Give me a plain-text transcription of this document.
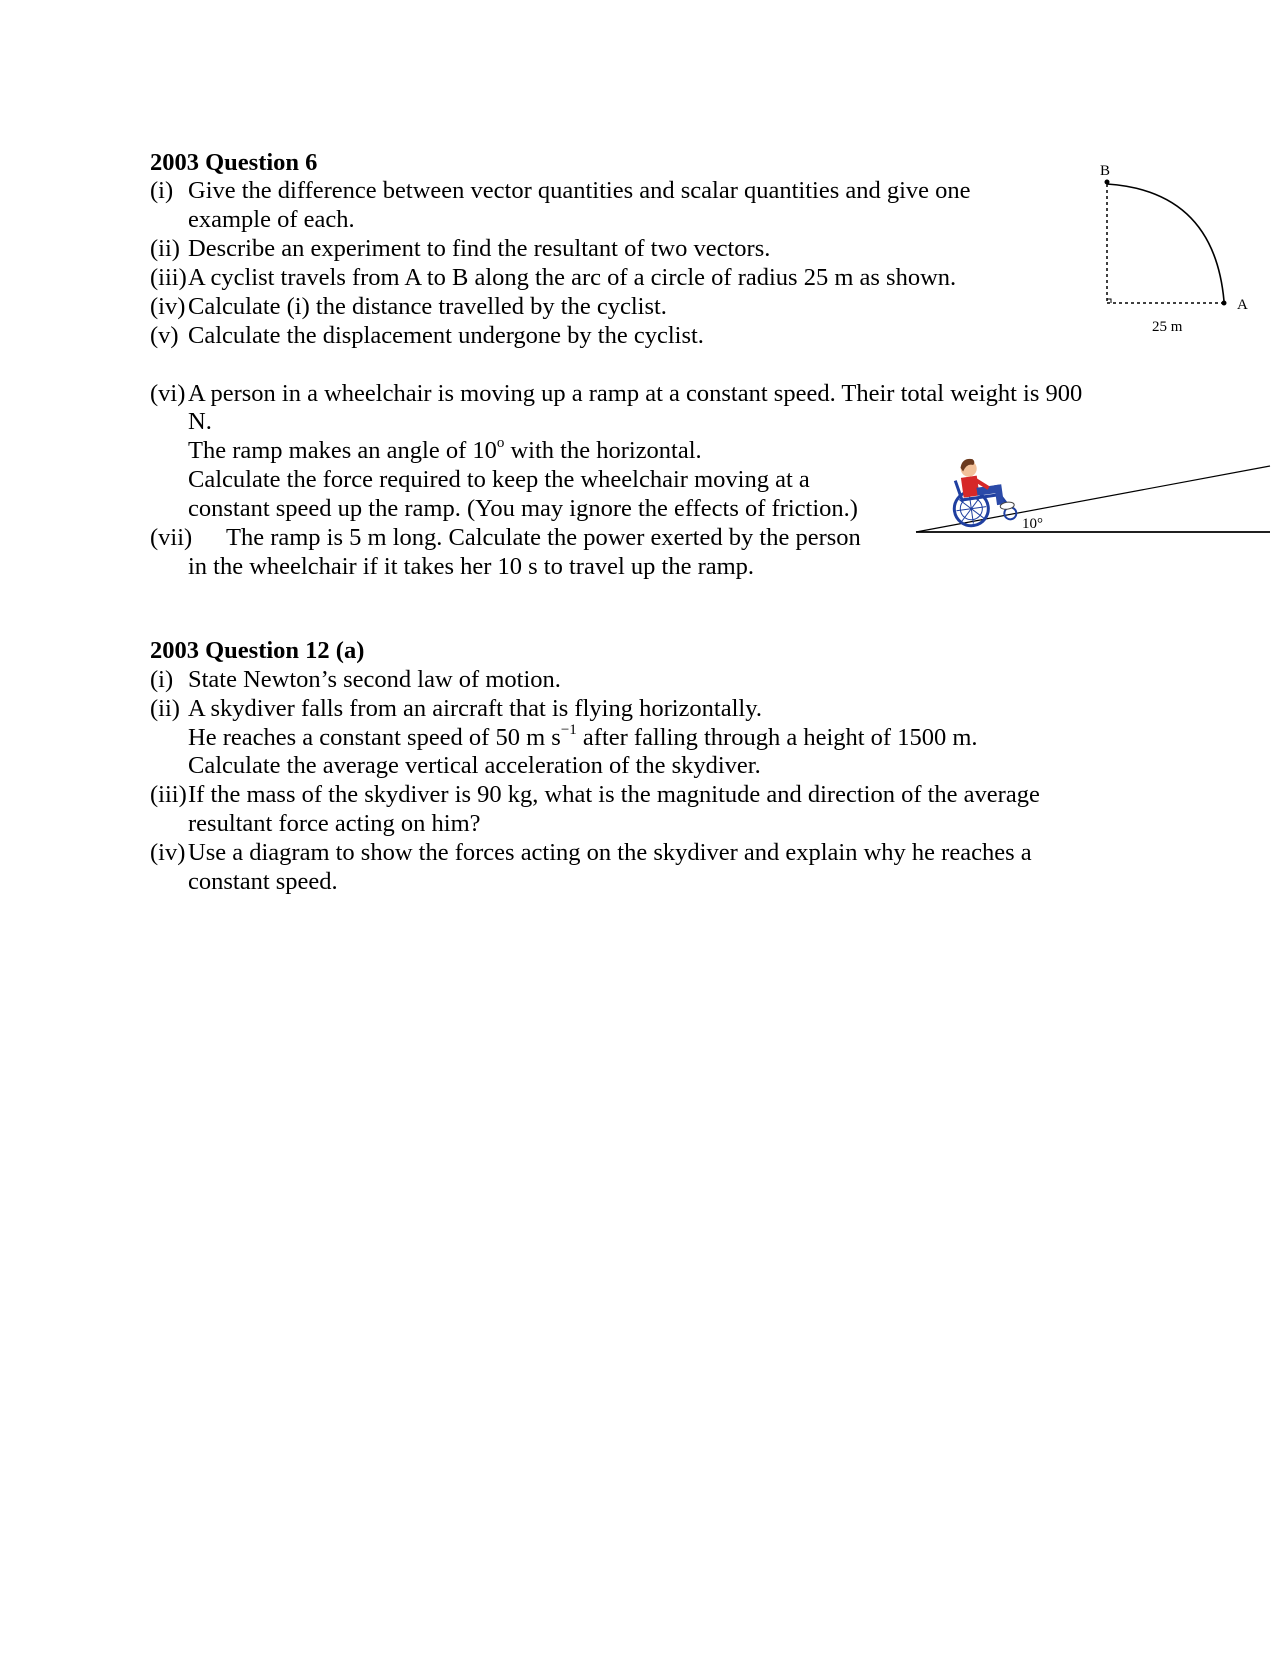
2003 Question 6
(i) Give the difference between vector quantities and scalar quantities and give one
example of each.
(ii) Describe an experiment to find the resultant of two vectors.
(iii) A cyclist travels from A to B along the arc of a circle of radius 25 m as shown.
(iv) Calculate (i) the distance travelled by the cyclist.
(v) Calculate the displacement undergone by the cyclist.
(vi) A person in a wheelchair is moving up a ramp at a constant speed. Their total weight is 900
N.
The ramp makes an angle of 10$^o$ with the horizontal.
Calculate the force required to keep the wheelchair moving at a
constant speed up the ramp. (You may ignore the effects of friction.)
(vii) The ramp is 5 m long. Calculate the power exerted by the person
in the wheelchair if it takes her 10 s to travel up the ramp.
B
A
25 m
10°
2003 Question 12 (a)
(i) State Newton’s second law of motion.
(ii) A skydiver falls from an aircraft that is flying horizontally.
He reaches a constant speed of 50 m $s^{-1}$ after falling through a height of 1500 m.
Calculate the average vertical acceleration of the skydiver.
(iii) If the mass of the skydiver is 90 kg, what is the magnitude and direction of the average
resultant force acting on him?
(iv) Use a diagram to show the forces acting on the skydiver and explain why he reaches a
constant speed.
